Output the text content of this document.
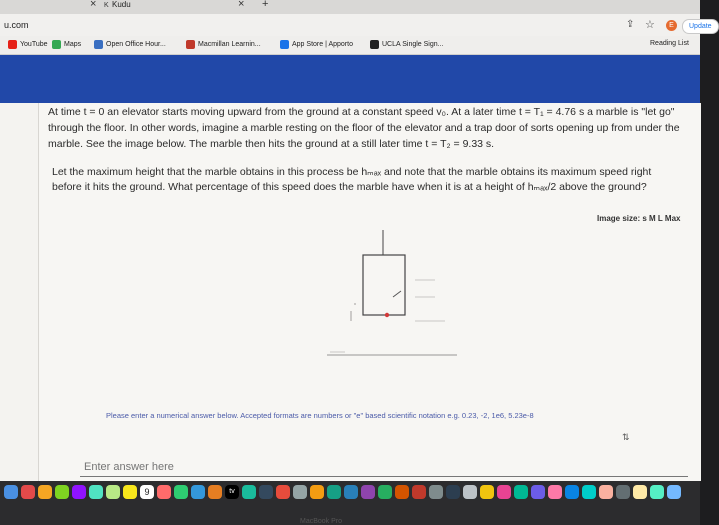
× K Kudu	× +
u.com	⇪ ☆	E	Update
Reading List
YouTube Maps	Open Office Hour...	Macmillan Learnin...	App Store | Apporto	UCLA Single Sign...
At time t = 0 an elevator starts moving upward from the ground at a constant speed v₀. At a later time t = T₁ = 4.76 s a marble is "let go" through the floor. In other words, imagine a marble resting on the floor of the elevator and a trap door of sorts opening up from under the marble. See the image below. The marble then hits the ground at a still later time t = T₂ = 9.33 s.
Let the maximum height that the marble obtains in this process be hₘₐₓ and note that the marble obtains its maximum speed right before it hits the ground. What percentage of this speed does the marble have when it is at a height of hₘₐₓ/2 above the ground?
Image size: s M L Max
Please enter a numerical answer below. Accepted formats are numbers or "e" based scientific notation e.g. 0.23, -2, 1e6, 5.23e-8
⇅
Enter answer here
9	tv
MacBook Pro
